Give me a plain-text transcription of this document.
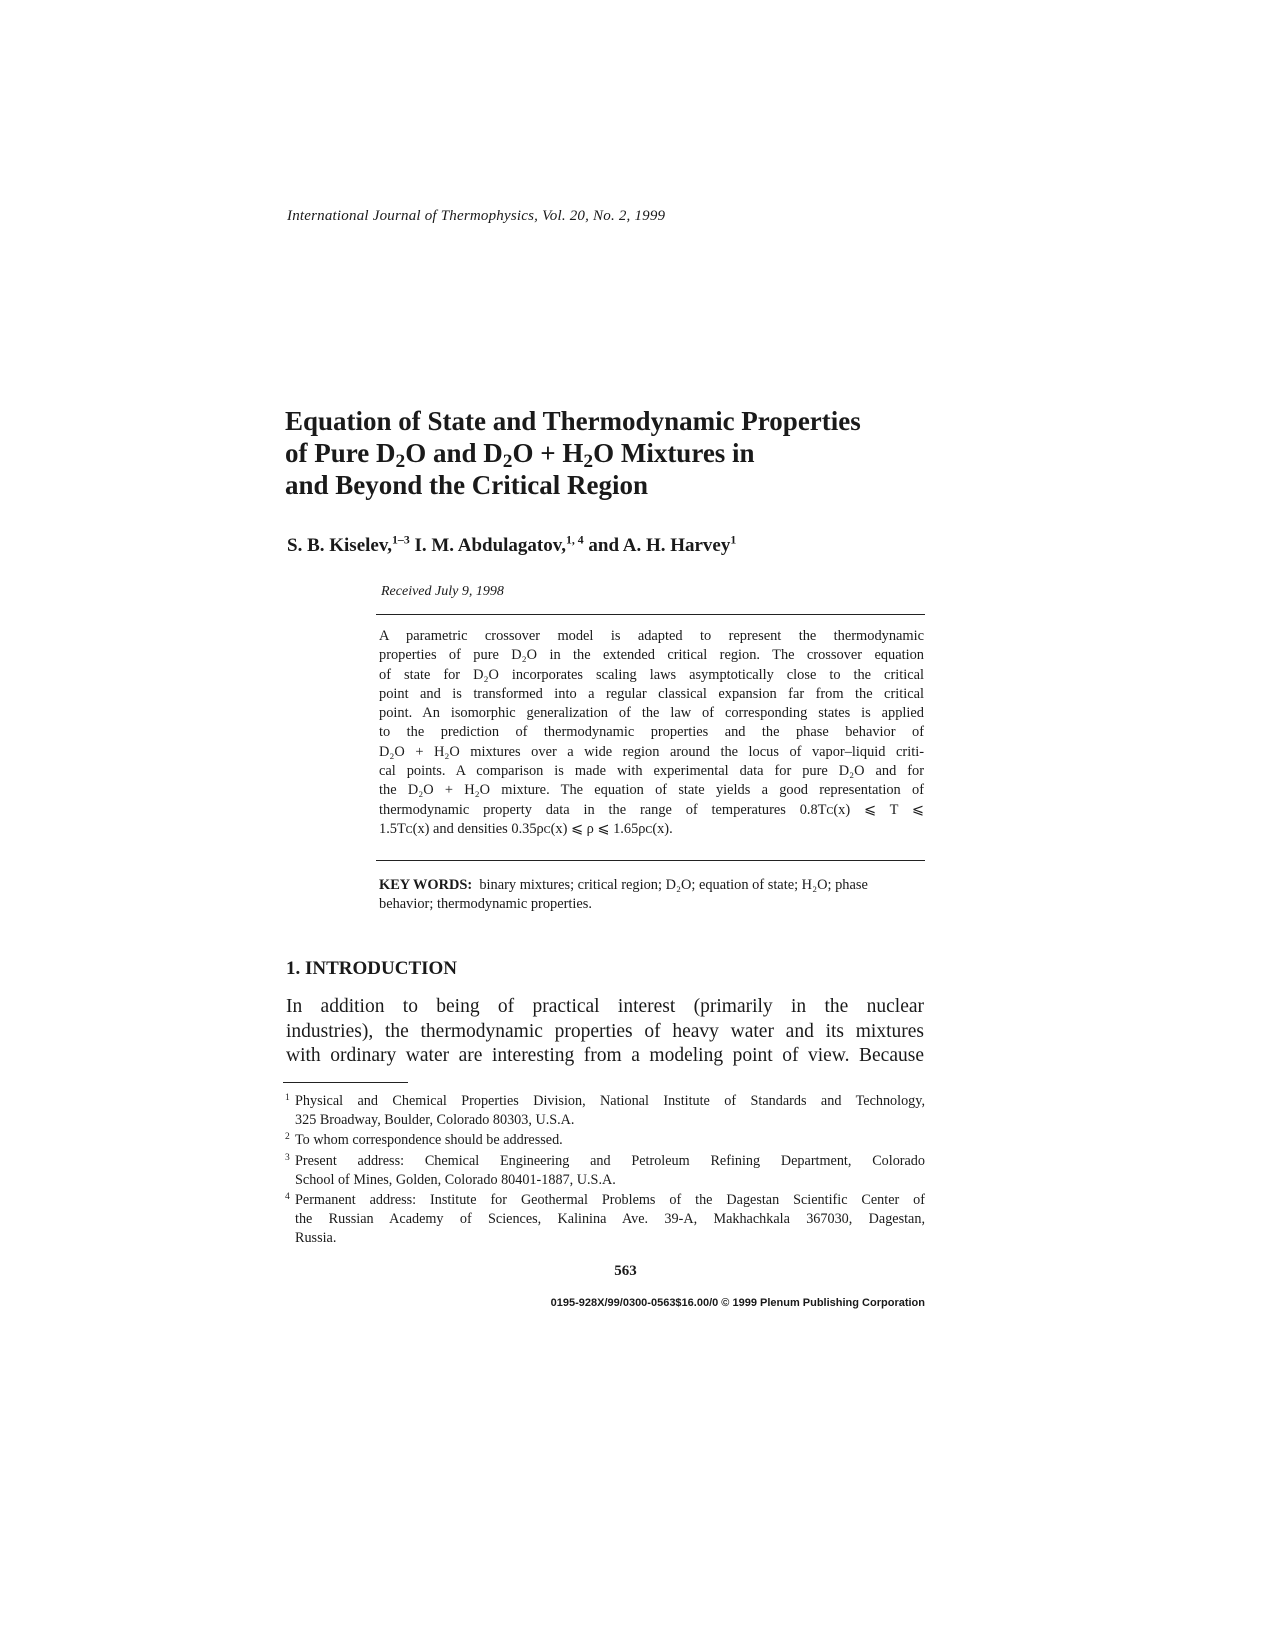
International Journal of Thermophysics, Vol. 20, No. 2, 1999
Equation of State and Thermodynamic Properties
of Pure $D_2O$ and $D_2O + H_2O$ Mixtures in
and Beyond the Critical Region
S. B. Kiselev,$^{1-3}$ I. M. Abdulagatov,$^{1, 4}$ and A. H. Harvey$^1$
Received July 9, 1998
A parametric crossover model is adapted to represent the thermodynamic
properties of pure D₂O in the extended critical region. The crossover equation
of state for D₂O incorporates scaling laws asymptotically close to the critical
point and is transformed into a regular classical expansion far from the critical
point. An isomorphic generalization of the law of corresponding states is applied
to the prediction of thermodynamic properties and the phase behavior of
D₂O + H₂O mixtures over a wide region around the locus of vapor–liquid criti-
cal points. A comparison is made with experimental data for pure D₂O and for
the D₂O + H₂O mixture. The equation of state yields a good representation of
thermodynamic property data in the range of temperatures 0.8Tᴄ(x) ⩽ T ⩽
1.5Tᴄ(x) and densities 0.35ρᴄ(x) ⩽ ρ ⩽ 1.65ρᴄ(x).
KEY WORDS: binary mixtures; critical region; D₂O; equation of state; H₂O; phase behavior; thermodynamic properties.
1. INTRODUCTION
In addition to being of practical interest (primarily in the nuclear
industries), the thermodynamic properties of heavy water and its mixtures
with ordinary water are interesting from a modeling point of view. Because
1 Physical and Chemical Properties Division, National Institute of Standards and Technology,
325 Broadway, Boulder, Colorado 80303, U.S.A.
2 To whom correspondence should be addressed.
3 Present address: Chemical Engineering and Petroleum Refining Department, Colorado
School of Mines, Golden, Colorado 80401-1887, U.S.A.
4 Permanent address: Institute for Geothermal Problems of the Dagestan Scientific Center of
the Russian Academy of Sciences, Kalinina Ave. 39-A, Makhachkala 367030, Dagestan,
Russia.
563
0195-928X/99/0300-0563$16.00/0 © 1999 Plenum Publishing Corporation
